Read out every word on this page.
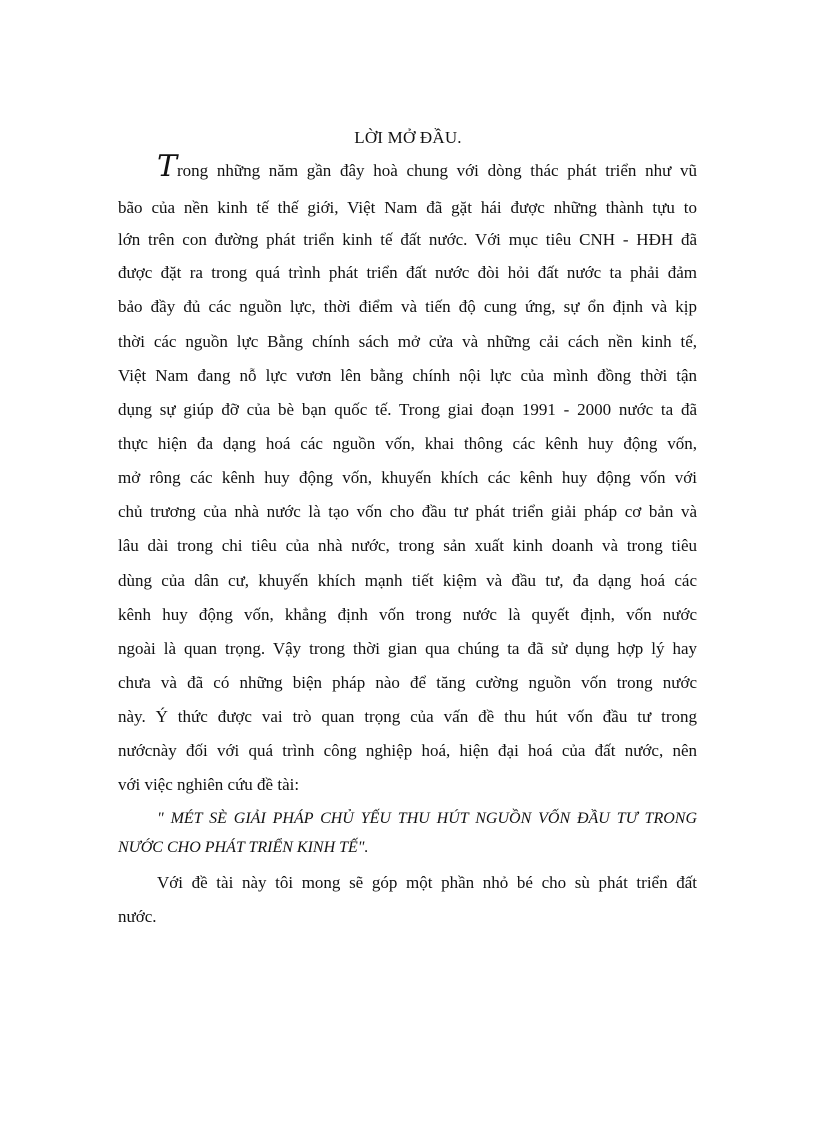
LỜI MỞ ĐẦU.
Trong những năm gần đây hoà chung với dòng thác phát triển như vũ
bão của nền kinh tế thế giới, Việt Nam đã gặt hái được những thành tựu to
lớn trên con đường phát triển kinh tế đất nước. Với mục tiêu CNH - HĐH đã
được đặt ra trong quá trình phát triển đất nước đòi hỏi đất nước ta phải đảm
bảo đầy đủ các nguồn lực, thời điểm và tiến độ cung ứng, sự ổn định và kịp
thời các nguồn lực Bằng chính sách mở cửa và những cải cách nền kinh tế,
Việt Nam đang nỗ lực vươn lên bằng chính nội lực của mình đồng thời tận
dụng sự giúp đỡ của bè bạn quốc tế. Trong giai đoạn 1991 - 2000 nước ta đã
thực hiện đa dạng hoá các nguồn vốn, khai thông các kênh huy động vốn,
mở rông các kênh huy động vốn, khuyến khích các kênh huy động vốn với
chủ trương của nhà nước là tạo vốn cho đầu tư phát triển giải pháp cơ bản và
lâu dài trong chi tiêu của nhà nước, trong sản xuất kinh doanh và trong tiêu
dùng của dân cư, khuyến khích mạnh tiết kiệm và đầu tư, đa dạng hoá các
kênh huy động vốn, khẳng định vốn trong nước là quyết định, vốn nước
ngoài là quan trọng. Vậy trong thời gian qua chúng ta đã sử dụng hợp lý hay
chưa và đã có những biện pháp nào để tăng cường nguồn vốn trong nước
này. Ý thức được vai trò quan trọng của vấn đề thu hút vốn đầu tư trong
nướcnày đối với quá trình công nghiệp hoá, hiện đại hoá của đất nước, nên
với việc nghiên cứu đề tài:
" MÉT SÈ GIẢI PHÁP CHỦ YẾU THU HÚT NGUỒN VỐN ĐẦU TƯ TRONG
NƯỚC CHO PHÁT TRIỂN KINH TẾ".
Với đề tài này tôi mong sẽ góp một phần nhỏ bé cho sù phát triển đất
nước.
